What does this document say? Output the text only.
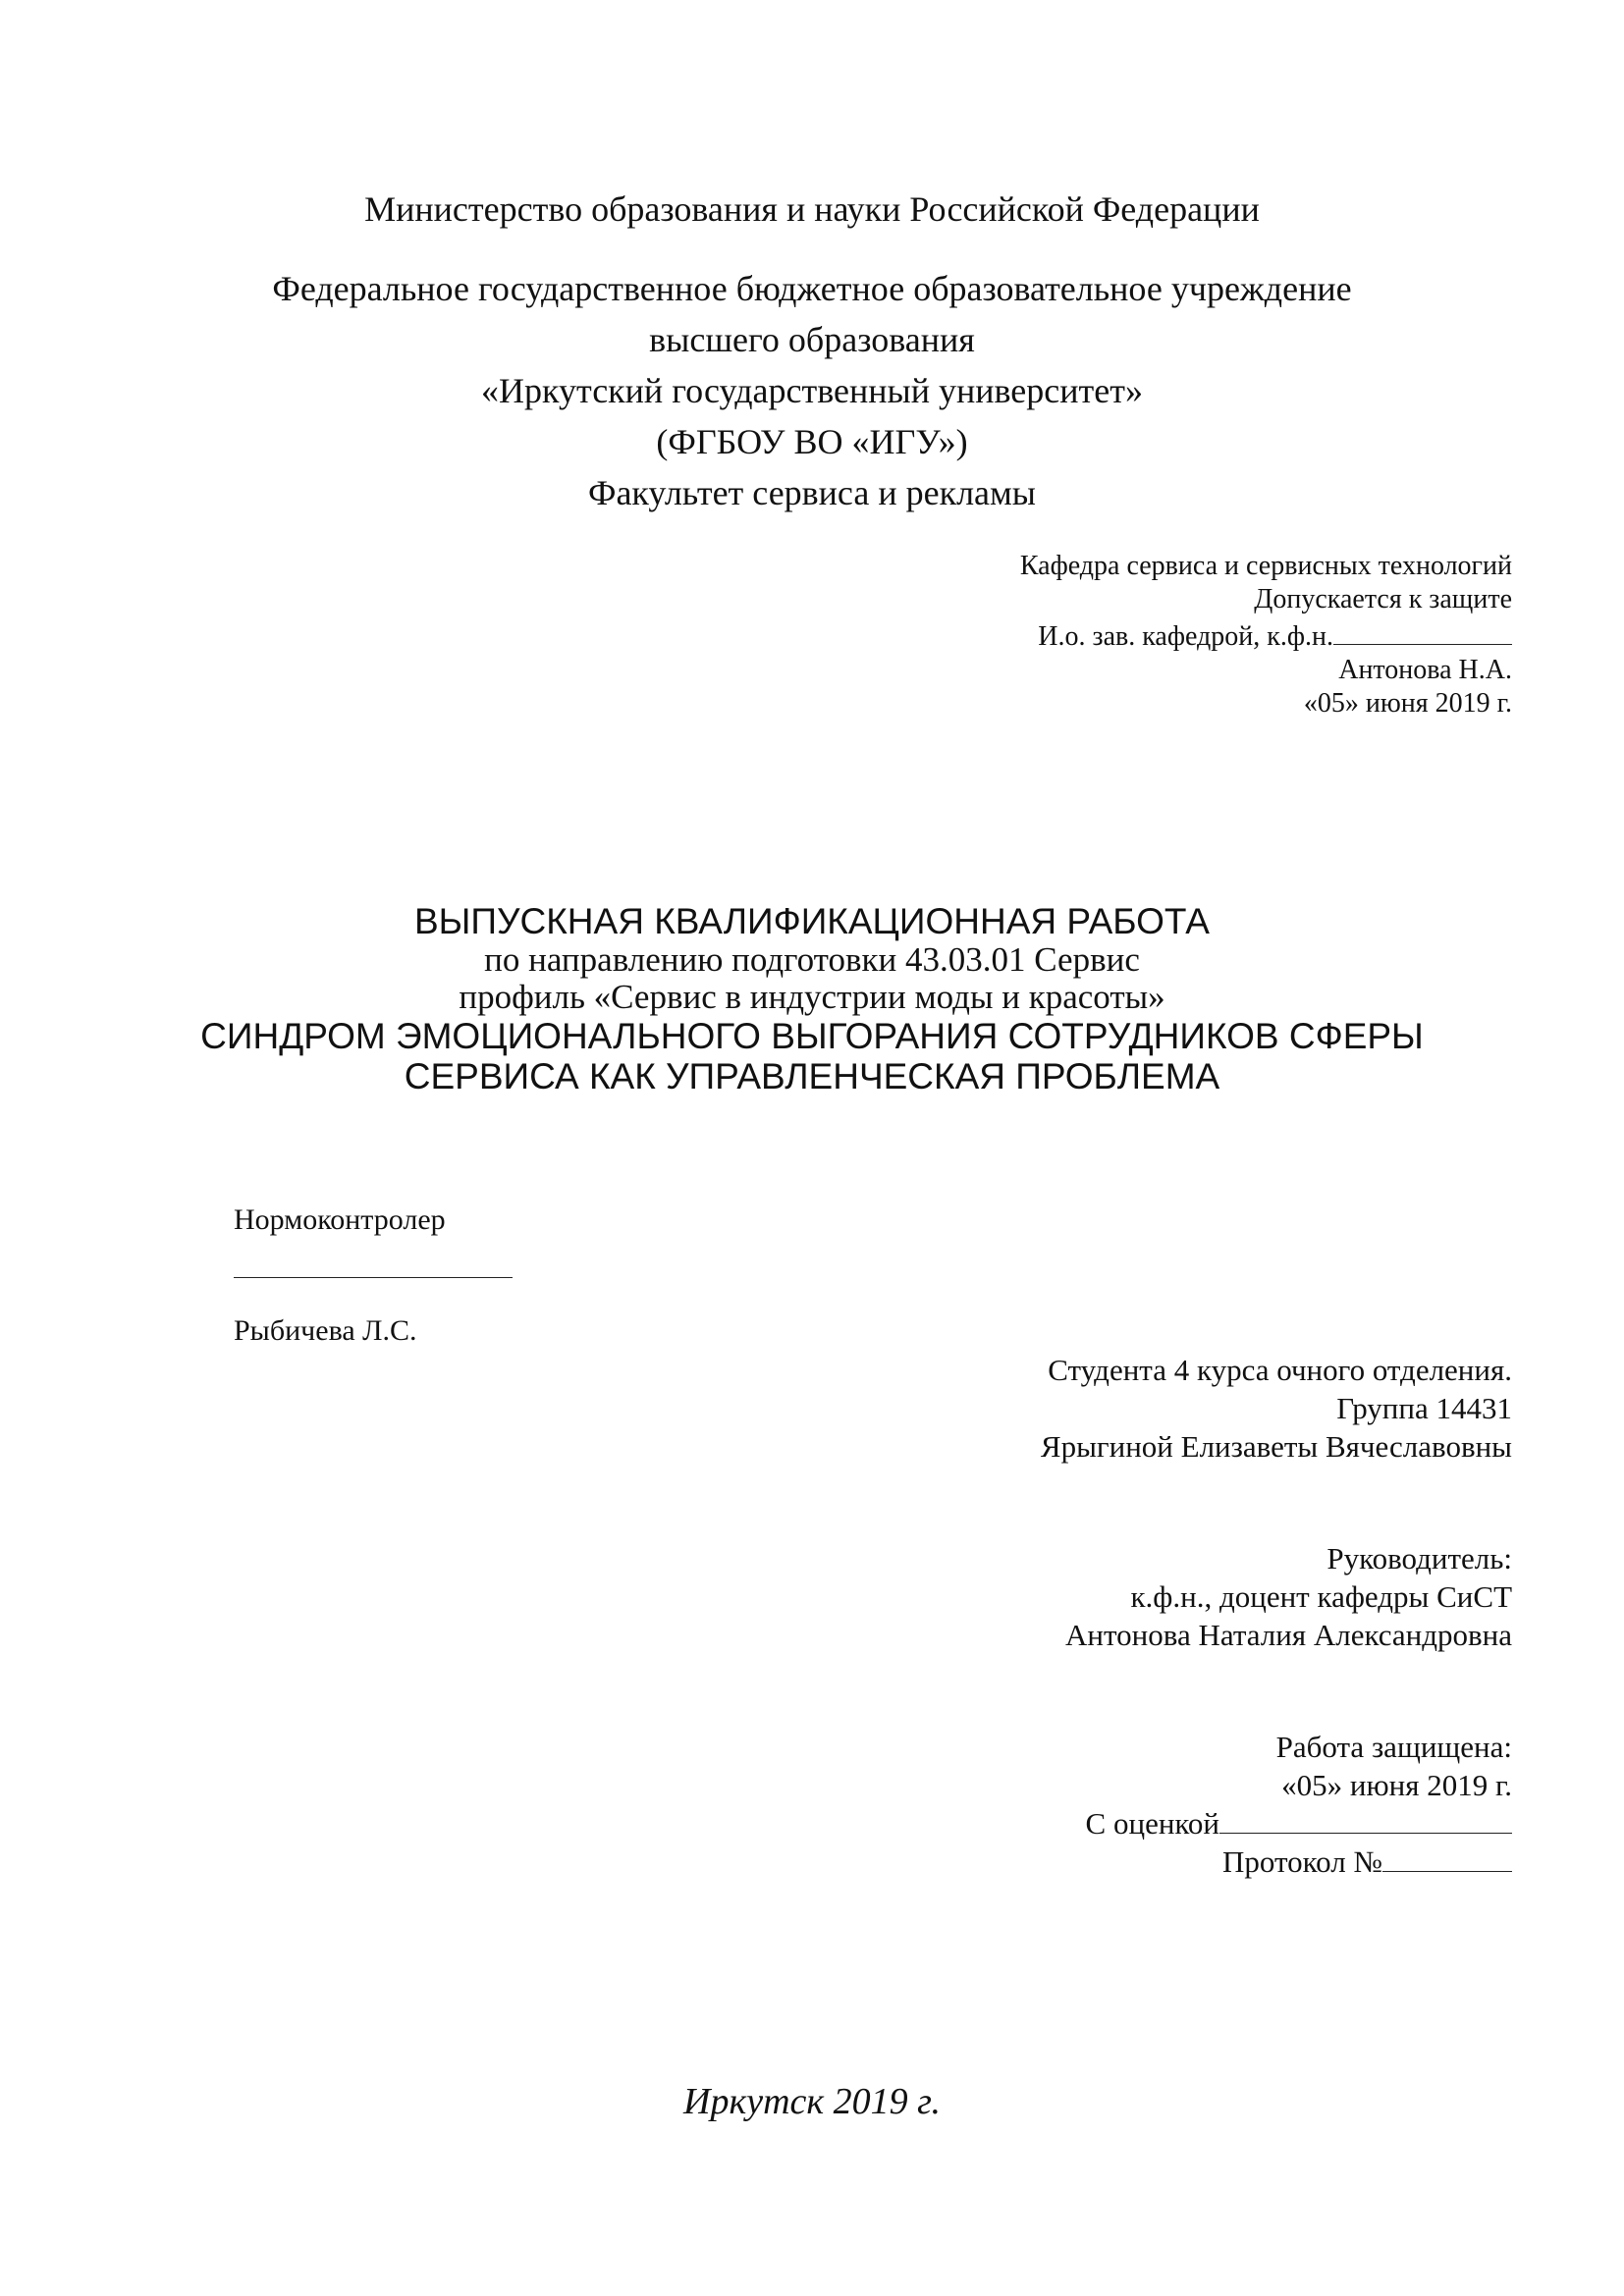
Министерство образования и науки Российской Федерации
Федеральное государственное бюджетное образовательное учреждение
высшего образования
«Иркутский государственный университет»
(ФГБОУ ВО «ИГУ»)
Факультет сервиса и рекламы
Кафедра сервиса и сервисных технологий
Допускается к защите
И.о. зав. кафедрой, к.ф.н.
Антонова Н.А.
«05» июня 2019 г.
ВЫПУСКНАЯ КВАЛИФИКАЦИОННАЯ РАБОТА
по направлению подготовки 43.03.01 Сервис
профиль «Сервис в индустрии моды и красоты»
СИНДРОМ ЭМОЦИОНАЛЬНОГО ВЫГОРАНИЯ СОТРУДНИКОВ СФЕРЫ
СЕРВИСА КАК УПРАВЛЕНЧЕСКАЯ ПРОБЛЕМА
Нормоконтролер
Рыбичева Л.С.
Студента 4 курса очного отделения.
Группа 14431
Ярыгиной Елизаветы Вячеславовны
Руководитель:
к.ф.н., доцент кафедры СиСТ
Антонова Наталия Александровна
Работа защищена:
«05» июня 2019 г.
С оценкой
Протокол №
Иркутск 2019 г.
